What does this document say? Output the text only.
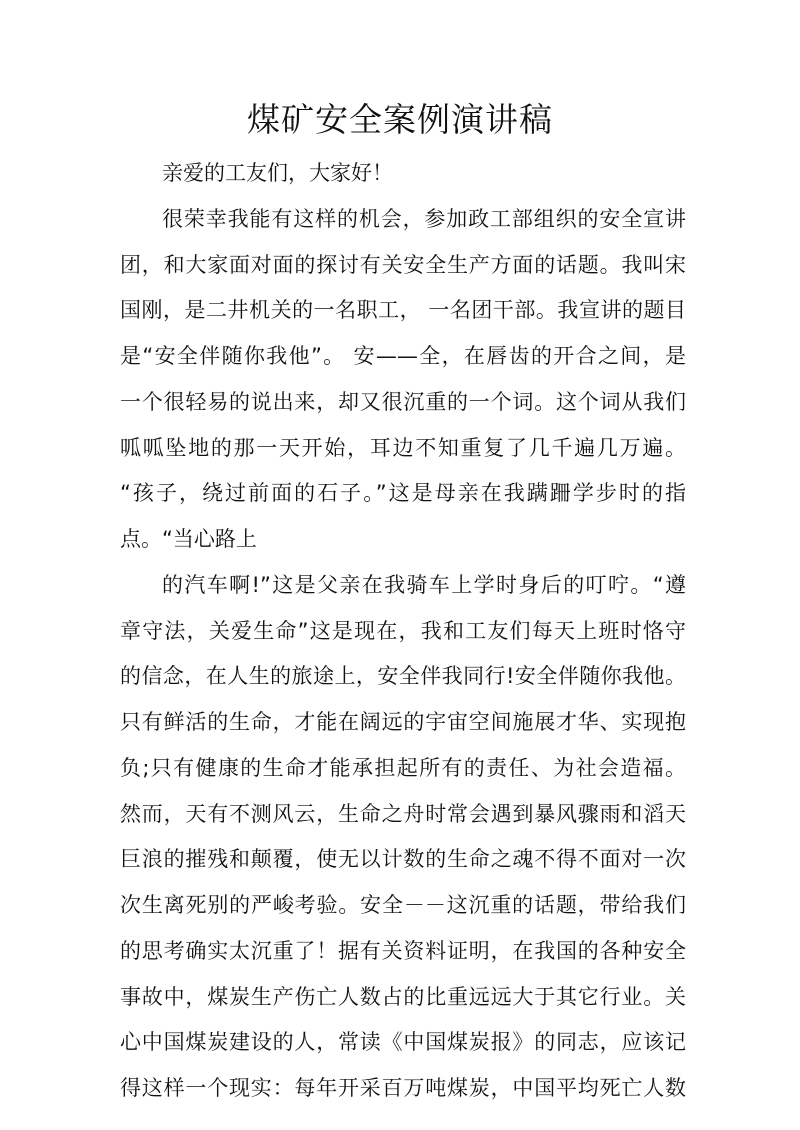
煤矿安全案例演讲稿
亲爱的工友们，大家好！
很荣幸我能有这样的机会，参加政工部组织的安全宣讲
团，和大家面对面的探讨有关安全生产方面的话题。我叫宋
国刚，是二井机关的一名职工， 一名团干部。我宣讲的题目
是“安全伴随你我他”。 安——全，在唇齿的开合之间，是
一个很轻易的说出来，却又很沉重的一个词。这个词从我们
呱呱坠地的那一天开始，耳边不知重复了几千遍几万遍。
“孩子，绕过前面的石子。”这是母亲在我蹒跚学步时的指
点。“当心路上
的汽车啊!”这是父亲在我骑车上学时身后的叮咛。“遵
章守法，关爱生命”这是现在，我和工友们每天上班时恪守
的信念，在人生的旅途上，安全伴我同行!安全伴随你我他。
只有鲜活的生命，才能在阔远的宇宙空间施展才华、实现抱
负;只有健康的生命才能承担起所有的责任、为社会造福。
然而，天有不测风云，生命之舟时常会遇到暴风骤雨和滔天
巨浪的摧残和颠覆，使无以计数的生命之魂不得不面对一次
次生离死别的严峻考验。安全－－这沉重的话题，带给我们
的思考确实太沉重了！据有关资料证明，在我国的各种安全
事故中，煤炭生产伤亡人数占的比重远远大于其它行业。关
心中国煤炭建设的人，常读《中国煤炭报》的同志，应该记
得这样一个现实：每年开采百万吨煤炭，中国平均死亡人数
